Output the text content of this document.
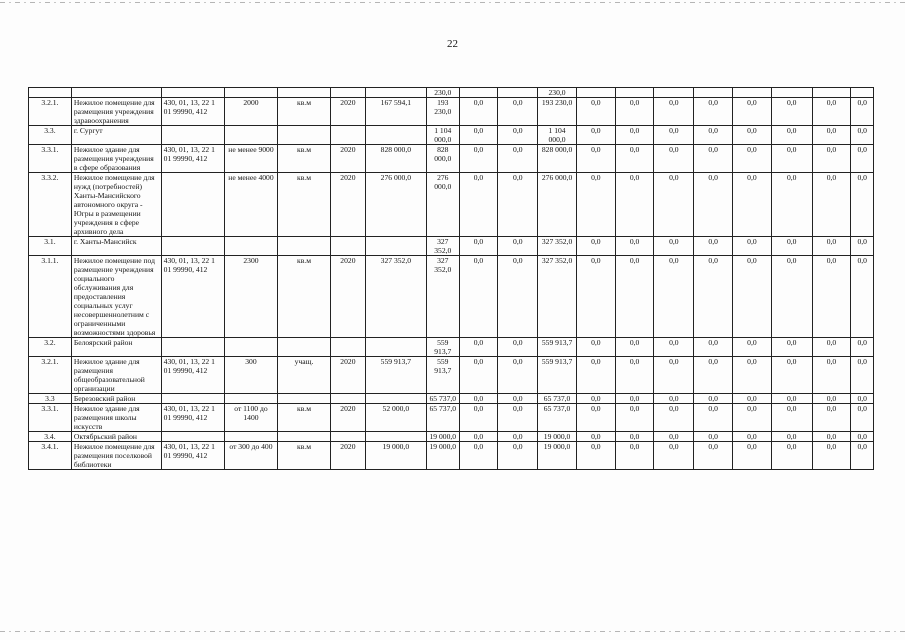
22
							230,0			230,0								
3.2.1.	Нежилое помещение для размещения учреждения здравоохранения	430, 01, 13, 22 1 01 99990, 412	2000	кв.м	2020	167 594,1	193 230,0	0,0	0,0	193 230,0	0,0	0,0	0,0	0,0	0,0	0,0	0,0	0,0
3.3.	г. Сургут						1 104 000,0	0,0	0,0	1 104 000,0	0,0	0,0	0,0	0,0	0,0	0,0	0,0	0,0
3.3.1.	Нежилое здание для размещения учреждения в сфере образования	430, 01, 13, 22 1 01 99990, 412	не менее 9000	кв.м	2020	828 000,0	828 000,0	0,0	0,0	828 000,0	0,0	0,0	0,0	0,0	0,0	0,0	0,0	0,0
3.3.2.	Нежилое помещение для нужд (потребностей) Ханты-Мансийского автономного округа - Югры в размещении учреждения в сфере архивного дела		не менее 4000	кв.м	2020	276 000,0	276 000,0	0,0	0,0	276 000,0	0,0	0,0	0,0	0,0	0,0	0,0	0,0	0,0
3.1.	г. Ханты-Мансийск						327 352,0	0,0	0,0	327 352,0	0,0	0,0	0,0	0,0	0,0	0,0	0,0	0,0
3.1.1.	Нежилое помещение под размещение учреждения социального обслуживания для предоставления социальных услуг несовершеннолетним с ограниченными возможностями здоровья	430, 01, 13, 22 1 01 99990, 412	2300	кв.м	2020	327 352,0	327 352,0	0,0	0,0	327 352,0	0,0	0,0	0,0	0,0	0,0	0,0	0,0	0,0
3.2.	Белоярский район						559 913,7	0,0	0,0	559 913,7	0,0	0,0	0,0	0,0	0,0	0,0	0,0	0,0
3.2.1.	Нежилое здание для размещения общеобразовательной организации	430, 01, 13, 22 1 01 99990, 412	300	учащ.	2020	559 913,7	559 913,7	0,0	0,0	559 913,7	0,0	0,0	0,0	0,0	0,0	0,0	0,0	0,0
3.3	Березовский район						65 737,0	0,0	0,0	65 737,0	0,0	0,0	0,0	0,0	0,0	0,0	0,0	0,0
3.3.1.	Нежилое здание для размещения школы искусств	430, 01, 13, 22 1 01 99990, 412	от 1100 до 1400	кв.м	2020	52 000,0	65 737,0	0,0	0,0	65 737,0	0,0	0,0	0,0	0,0	0,0	0,0	0,0	0,0
3.4.	Октябрьский район						19 000,0	0,0	0,0	19 000,0	0,0	0,0	0,0	0,0	0,0	0,0	0,0	0,0
3.4.1.	Нежилое помещение для размещения поселковой библиотеки	430, 01, 13, 22 1 01 99990, 412	от 300 до 400	кв.м	2020	19 000,0	19 000,0	0,0	0,0	19 000,0	0,0	0,0	0,0	0,0	0,0	0,0	0,0	0,0
